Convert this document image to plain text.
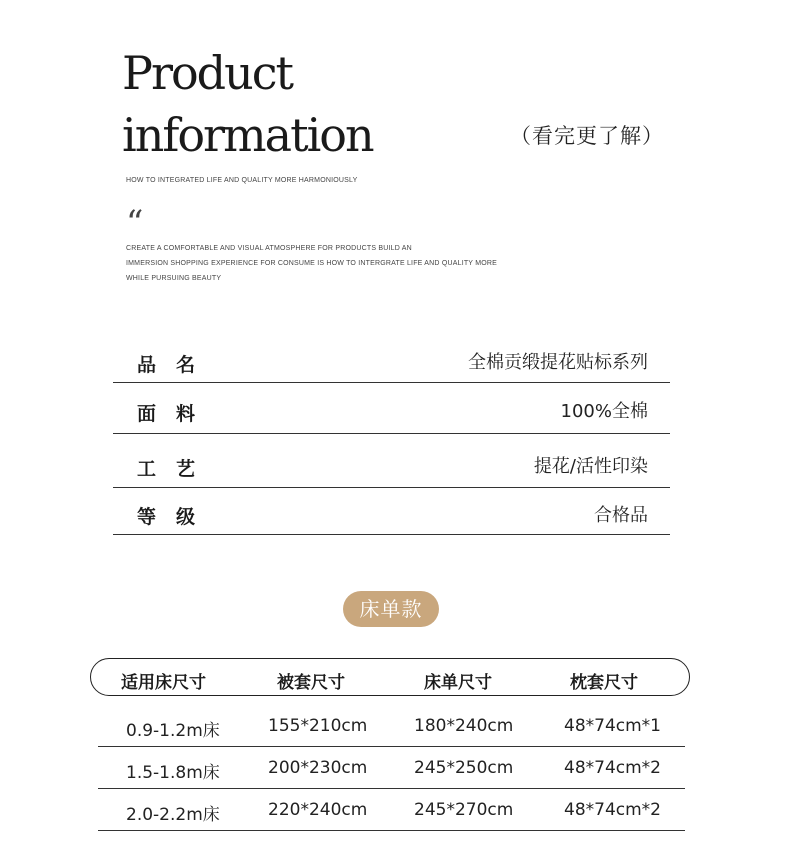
Product
information	（看完更了解）
HOW TO INTEGRATED LIFE AND QUALITY MORE HARMONIOUSLY
“
CREATE A COMFORTABLE AND VISUAL ATMOSPHERE FOR PRODUCTS BUILD AN
IMMERSION SHOPPING EXPERIENCE FOR CONSUME IS HOW TO INTERGRATE LIFE AND QUALITY MORE
WHILE PURSUING BEAUTY
品名	全棉贡缎提花贴标系列
面料	100%全棉
工艺	提花/活性印染
等级	合格品
床单款
适用床尺寸	被套尺寸	床单尺寸	枕套尺寸
0.9-1.2m床	155*210cm	180*240cm	48*74cm*1
1.5-1.8m床	200*230cm	245*250cm	48*74cm*2
2.0-2.2m床	220*240cm	245*270cm	48*74cm*2
